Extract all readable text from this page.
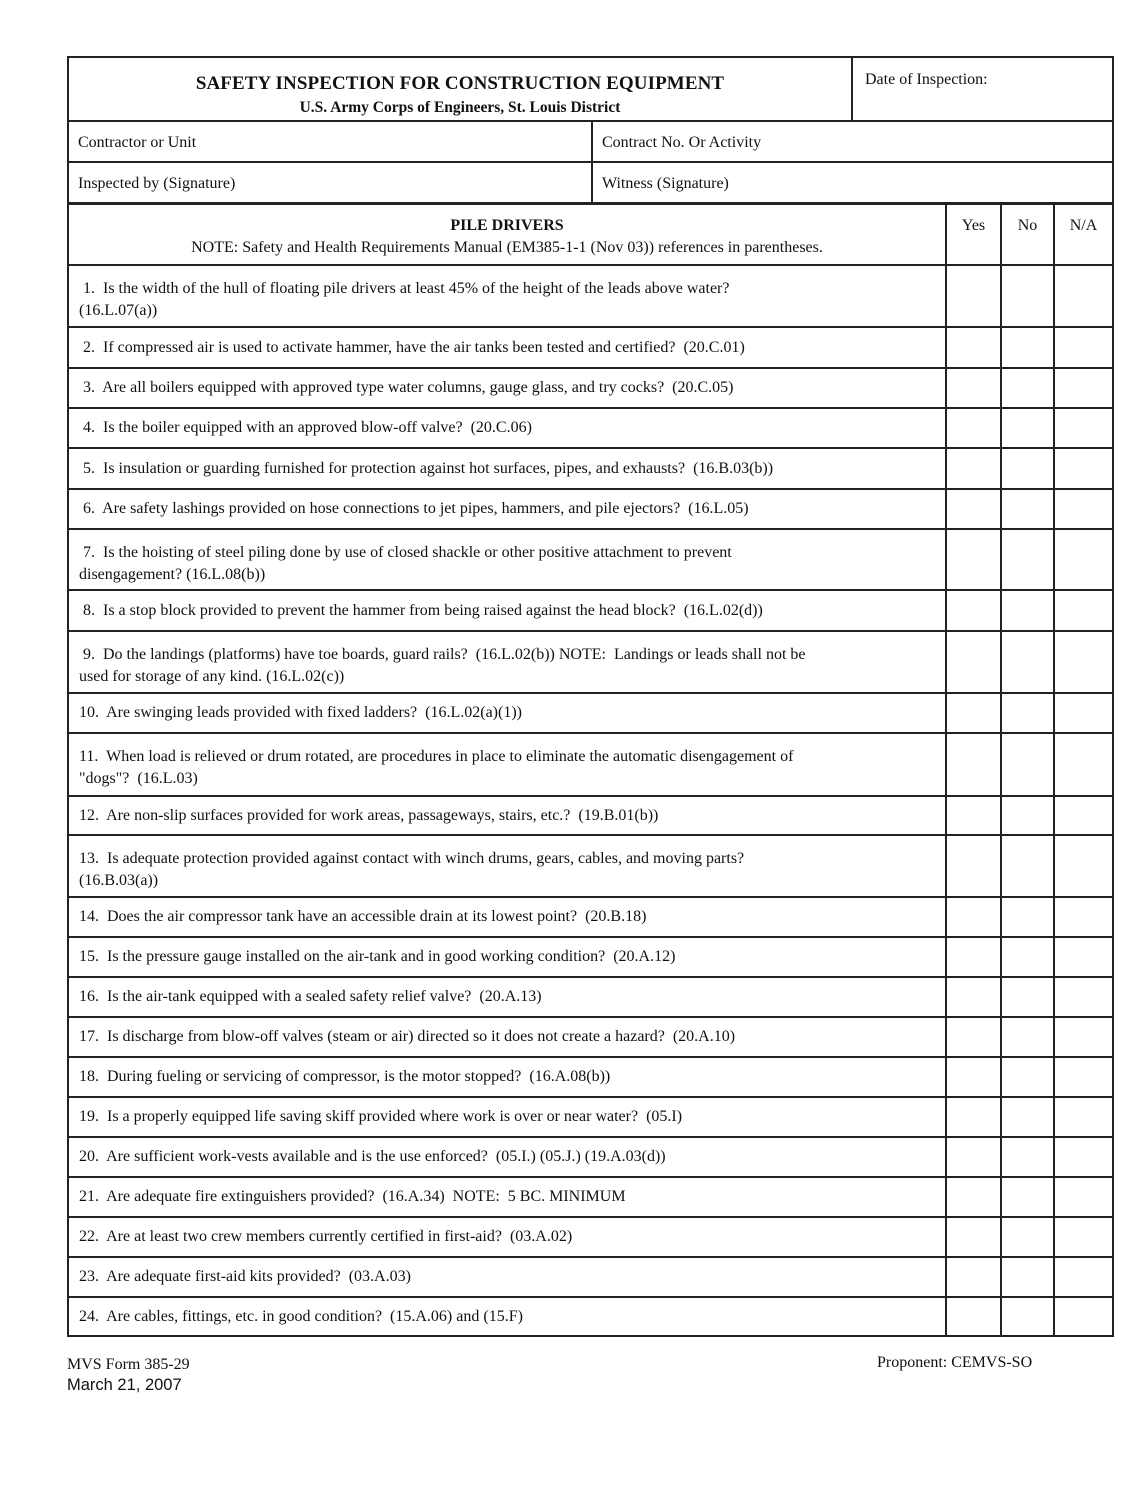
SAFETY INSPECTION FOR CONSTRUCTION EQUIPMENT
U.S. Army Corps of Engineers, St. Louis District
Date of Inspection:
Contractor or Unit	Contract No. Or Activity
Inspected by (Signature)	Witness (Signature)
PILE DRIVERS
NOTE: Safety and Health Requirements Manual (EM385-1-1 (Nov 03)) references in parentheses.
Yes	No	N/A
1.  Is the width of the hull of floating pile drivers at least 45% of the height of the leads above water?
(16.L.07(a))
2.  If compressed air is used to activate hammer, have the air tanks been tested and certified?  (20.C.01)
3.  Are all boilers equipped with approved type water columns, gauge glass, and try cocks?  (20.C.05)
4.  Is the boiler equipped with an approved blow-off valve?  (20.C.06)
5.  Is insulation or guarding furnished for protection against hot surfaces, pipes, and exhausts?  (16.B.03(b))
6.  Are safety lashings provided on hose connections to jet pipes, hammers, and pile ejectors?  (16.L.05)
7.  Is the hoisting of steel piling done by use of closed shackle or other positive attachment to prevent
disengagement? (16.L.08(b))
8.  Is a stop block provided to prevent the hammer from being raised against the head block?  (16.L.02(d))
9.  Do the landings (platforms) have toe boards, guard rails?  (16.L.02(b)) NOTE:  Landings or leads shall not be
used for storage of any kind. (16.L.02(c))
10.  Are swinging leads provided with fixed ladders?  (16.L.02(a)(1))
11.  When load is relieved or drum rotated, are procedures in place to eliminate the automatic disengagement of
"dogs"?  (16.L.03)
12.  Are non-slip surfaces provided for work areas, passageways, stairs, etc.?  (19.B.01(b))
13.  Is adequate protection provided against contact with winch drums, gears, cables, and moving parts?
(16.B.03(a))
14.  Does the air compressor tank have an accessible drain at its lowest point?  (20.B.18)
15.  Is the pressure gauge installed on the air-tank and in good working condition?  (20.A.12)
16.  Is the air-tank equipped with a sealed safety relief valve?  (20.A.13)
17.  Is discharge from blow-off valves (steam or air) directed so it does not create a hazard?  (20.A.10)
18.  During fueling or servicing of compressor, is the motor stopped?  (16.A.08(b))
19.  Is a properly equipped life saving skiff provided where work is over or near water?  (05.I)
20.  Are sufficient work-vests available and is the use enforced?  (05.I.) (05.J.) (19.A.03(d))
21.  Are adequate fire extinguishers provided?  (16.A.34)  NOTE:  5 BC. MINIMUM
22.  Are at least two crew members currently certified in first-aid?  (03.A.02)
23.  Are adequate first-aid kits provided?  (03.A.03)
24.  Are cables, fittings, etc. in good condition?  (15.A.06) and (15.F)
MVS Form 385-29
March 21, 2007
Proponent: CEMVS-SO
